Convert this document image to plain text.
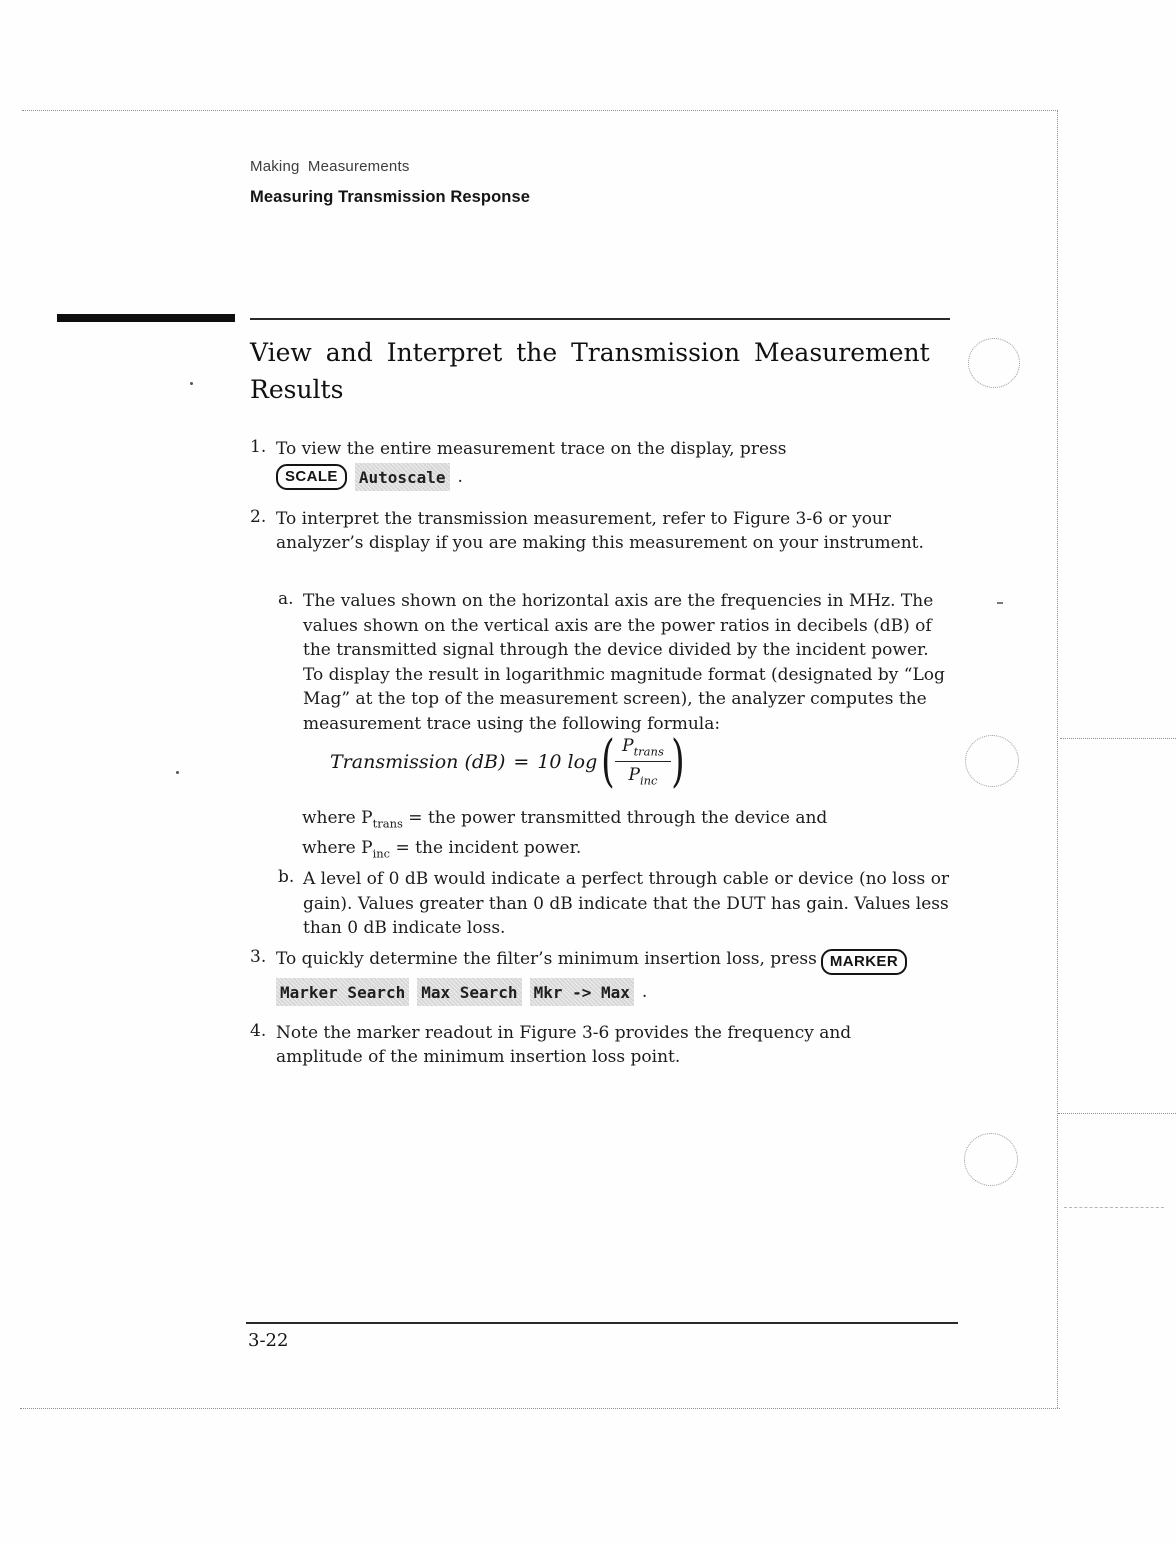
Making Measurements
Measuring Transmission Response
View and Interpret the Transmission Measurement Results
1. To view the entire measurement trace on the display, press
SCALE	Autoscale .
2. To interpret the transmission measurement, refer to Figure 3-6 or your analyzer’s display if you are making this measurement on your instrument.
a. The values shown on the horizontal axis are the frequencies in MHz. The values shown on the vertical axis are the power ratios in decibels (dB) of the transmitted signal through the device divided by the incident power. To display the result in logarithmic magnitude format (designated by “Log Mag” at the top of the measurement screen), the analyzer computes the measurement trace using the following formula:
Transmission (dB) = 10 log ( $\frac{P_{trans}}{P_{inc}}$ )
where $P_{trans}$ = the power transmitted through the device and
where $P_{inc}$ = the incident power.
b. A level of 0 dB would indicate a perfect through cable or device (no loss or gain). Values greater than 0 dB indicate that the DUT has gain. Values less than 0 dB indicate loss.
3. To quickly determine the filter’s minimum insertion loss, press MARKER
Marker Search Max Search Mkr -> Max .
4. Note the marker readout in Figure 3-6 provides the frequency and amplitude of the minimum insertion loss point.
3-22
